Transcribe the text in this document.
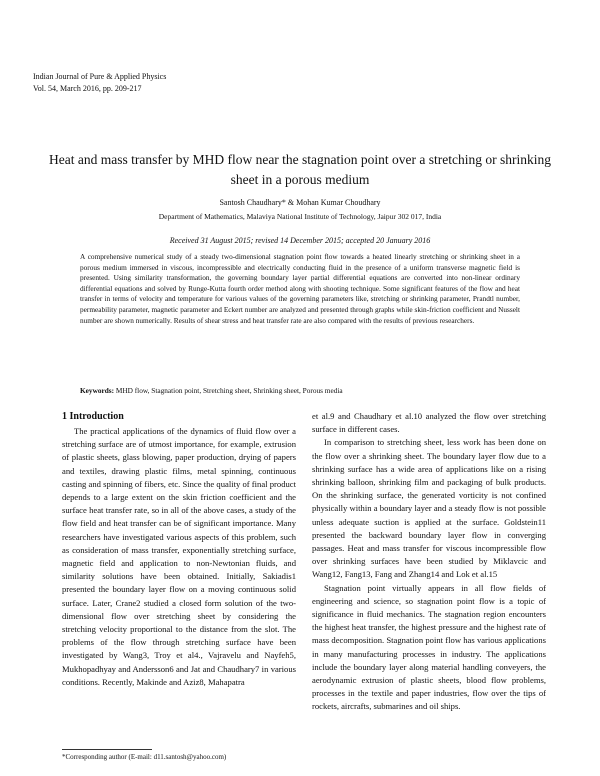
Indian Journal of Pure & Applied Physics
Vol. 54, March 2016, pp. 209-217
Heat and mass transfer by MHD flow near the stagnation point over a stretching or shrinking sheet in a porous medium
Santosh Chaudhary* & Mohan Kumar Choudhary
Department of Mathematics, Malaviya National Institute of Technology, Jaipur 302 017, India
Received 31 August 2015; revised 14 December 2015; accepted 20 January 2016
A comprehensive numerical study of a steady two-dimensional stagnation point flow towards a heated linearly stretching or shrinking sheet in a porous medium immersed in viscous, incompressible and electrically conducting fluid in the presence of a uniform transverse magnetic field is presented. Using similarity transformation, the governing boundary layer partial differential equations are converted into non-linear ordinary differential equations and solved by Runge-Kutta fourth order method along with shooting technique. Some significant features of the flow and heat transfer in terms of velocity and temperature for various values of the governing parameters like, stretching or shrinking parameter, Prandtl number, permeability parameter, magnetic parameter and Eckert number are analyzed and presented through graphs while skin-friction coefficient and Nusselt number are shown numerically. Results of shear stress and heat transfer rate are also compared with the results of previous researchers.
Keywords: MHD flow, Stagnation point, Stretching sheet, Shrinking sheet, Porous media
1 Introduction

The practical applications of the dynamics of fluid flow over a stretching surface are of utmost importance, for example, extrusion of plastic sheets, glass blowing, paper production, drying of papers and textiles, drawing plastic films, metal spinning, continuous casting and spinning of fibers, etc. Since the quality of final product depends to a large extent on the skin friction coefficient and the surface heat transfer rate, so in all of the above cases, a study of the flow field and heat transfer can be of significant importance. Many researchers have investigated various aspects of this problem, such as consideration of mass transfer, exponentially stretching surface, magnetic field and application to non-Newtonian fluids, and similarity solutions have been obtained. Initially, Sakiadis1 presented the boundary layer flow on a moving continuous solid surface. Later, Crane2 studied a closed form solution of the two-dimensional flow over stretching sheet by considering the stretching velocity proportional to the distance from the slot. The problems of the flow through stretching surface have been investigated by Wang3, Troy et al4., Vajravelu and Nayfeh5, Mukhopadhyay and Andersson6 and Jat and Chaudhary7 in various conditions. Recently, Makinde and Aziz8, Mahapatra

et al.9 and Chaudhary et al.10 analyzed the flow over stretching surface in different cases.

In comparison to stretching sheet, less work has been done on the flow over a shrinking sheet. The boundary layer flow due to a shrinking surface has a wide area of applications like on a rising shrinking balloon, shrinking film and packaging of bulk products. On the shrinking surface, the generated vorticity is not confined physically within a boundary layer and a steady flow is not possible unless adequate suction is applied at the surface. Goldstein11 presented the backward boundary layer flow in converging passages. Heat and mass transfer for viscous incompressible flow over shrinking surfaces have been studied by Miklavcic and Wang12, Fang13, Fang and Zhang14 and Lok et al.15

Stagnation point virtually appears in all flow fields of engineering and science, so stagnation point flow is a topic of significance in fluid mechanics. The stagnation region encounters the highest heat transfer, the highest pressure and the highest rate of mass decomposition. Stagnation point flow has various applications in many manufacturing processes in industry. The applications include the boundary layer along material handling conveyers, the aerodynamic extrusion of plastic sheets, blood flow problems, processes in the textile and paper industries, flow over the tips of rockets, aircrafts, submarines and oil ships.

*Corresponding author (E-mail: d11.santosh@yahoo.com)
